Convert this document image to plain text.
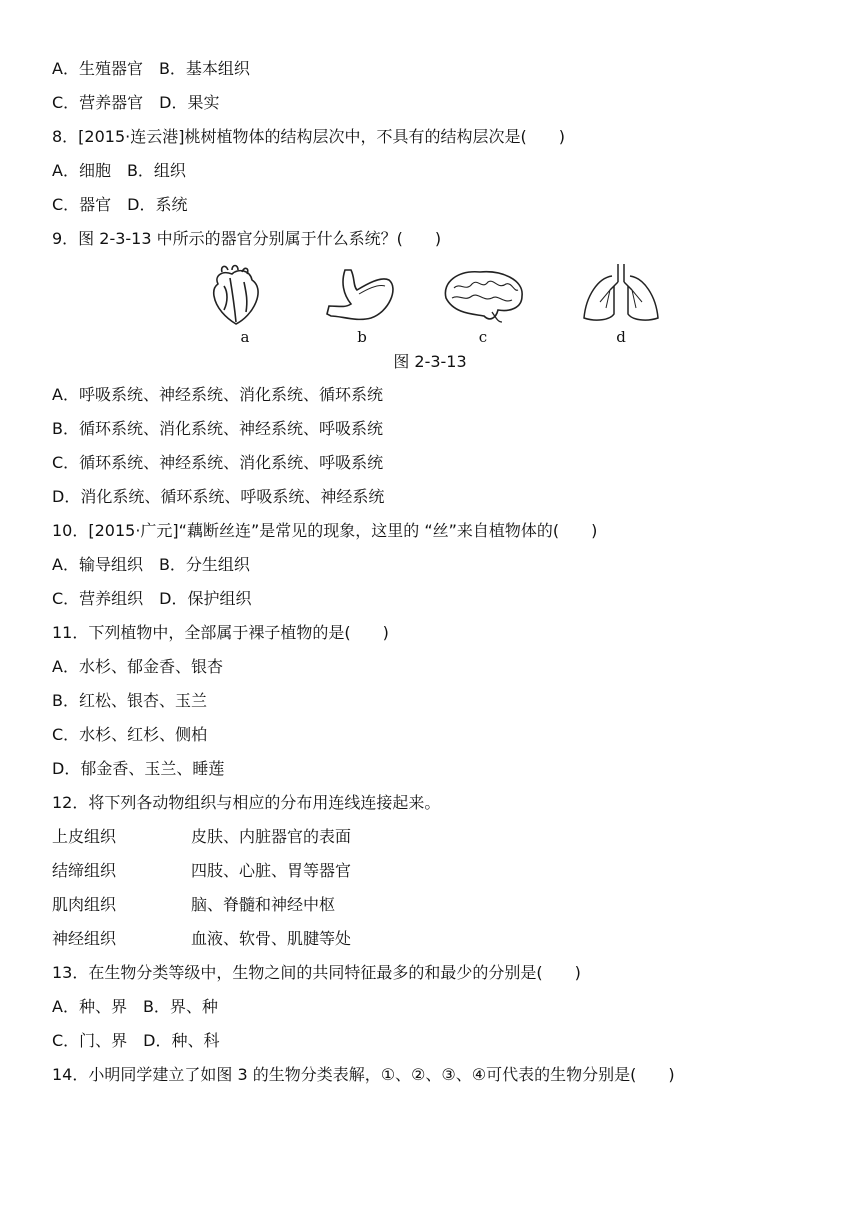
A．生殖器官　B．基本组织
C．营养器官　D．果实
8．[2015·连云港]桃树植物体的结构层次中，不具有的结构层次是(　　)
A．细胞　B．组织
C．器官　D．系统
9．图 2-3-13 中所示的器官分别属于什么系统？(　　)
a	b	c	d
图 2-3-13
A．呼吸系统、神经系统、消化系统、循环系统
B．循环系统、消化系统、神经系统、呼吸系统
C．循环系统、神经系统、消化系统、呼吸系统
D．消化系统、循环系统、呼吸系统、神经系统
10．[2015·广元]“藕断丝连”是常见的现象，这里的 “丝”来自植物体的(　　)
A．输导组织　B．分生组织
C．营养组织　D．保护组织
11．下列植物中，全部属于裸子植物的是(　　)
A．水杉、郁金香、银杏
B．红松、银杏、玉兰
C．水杉、红杉、侧柏
D．郁金香、玉兰、睡莲
12．将下列各动物组织与相应的分布用连线连接起来。
上皮组织	皮肤、内脏器官的表面
结缔组织	四肢、心脏、胃等器官
肌肉组织	脑、脊髓和神经中枢
神经组织	血液、软骨、肌腱等处
13．在生物分类等级中，生物之间的共同特征最多的和最少的分别是(　　)
A．种、界　B．界、种
C．门、界　D．种、科
14．小明同学建立了如图 3 的生物分类表解，①、②、③、④可代表的生物分别是(　　)
